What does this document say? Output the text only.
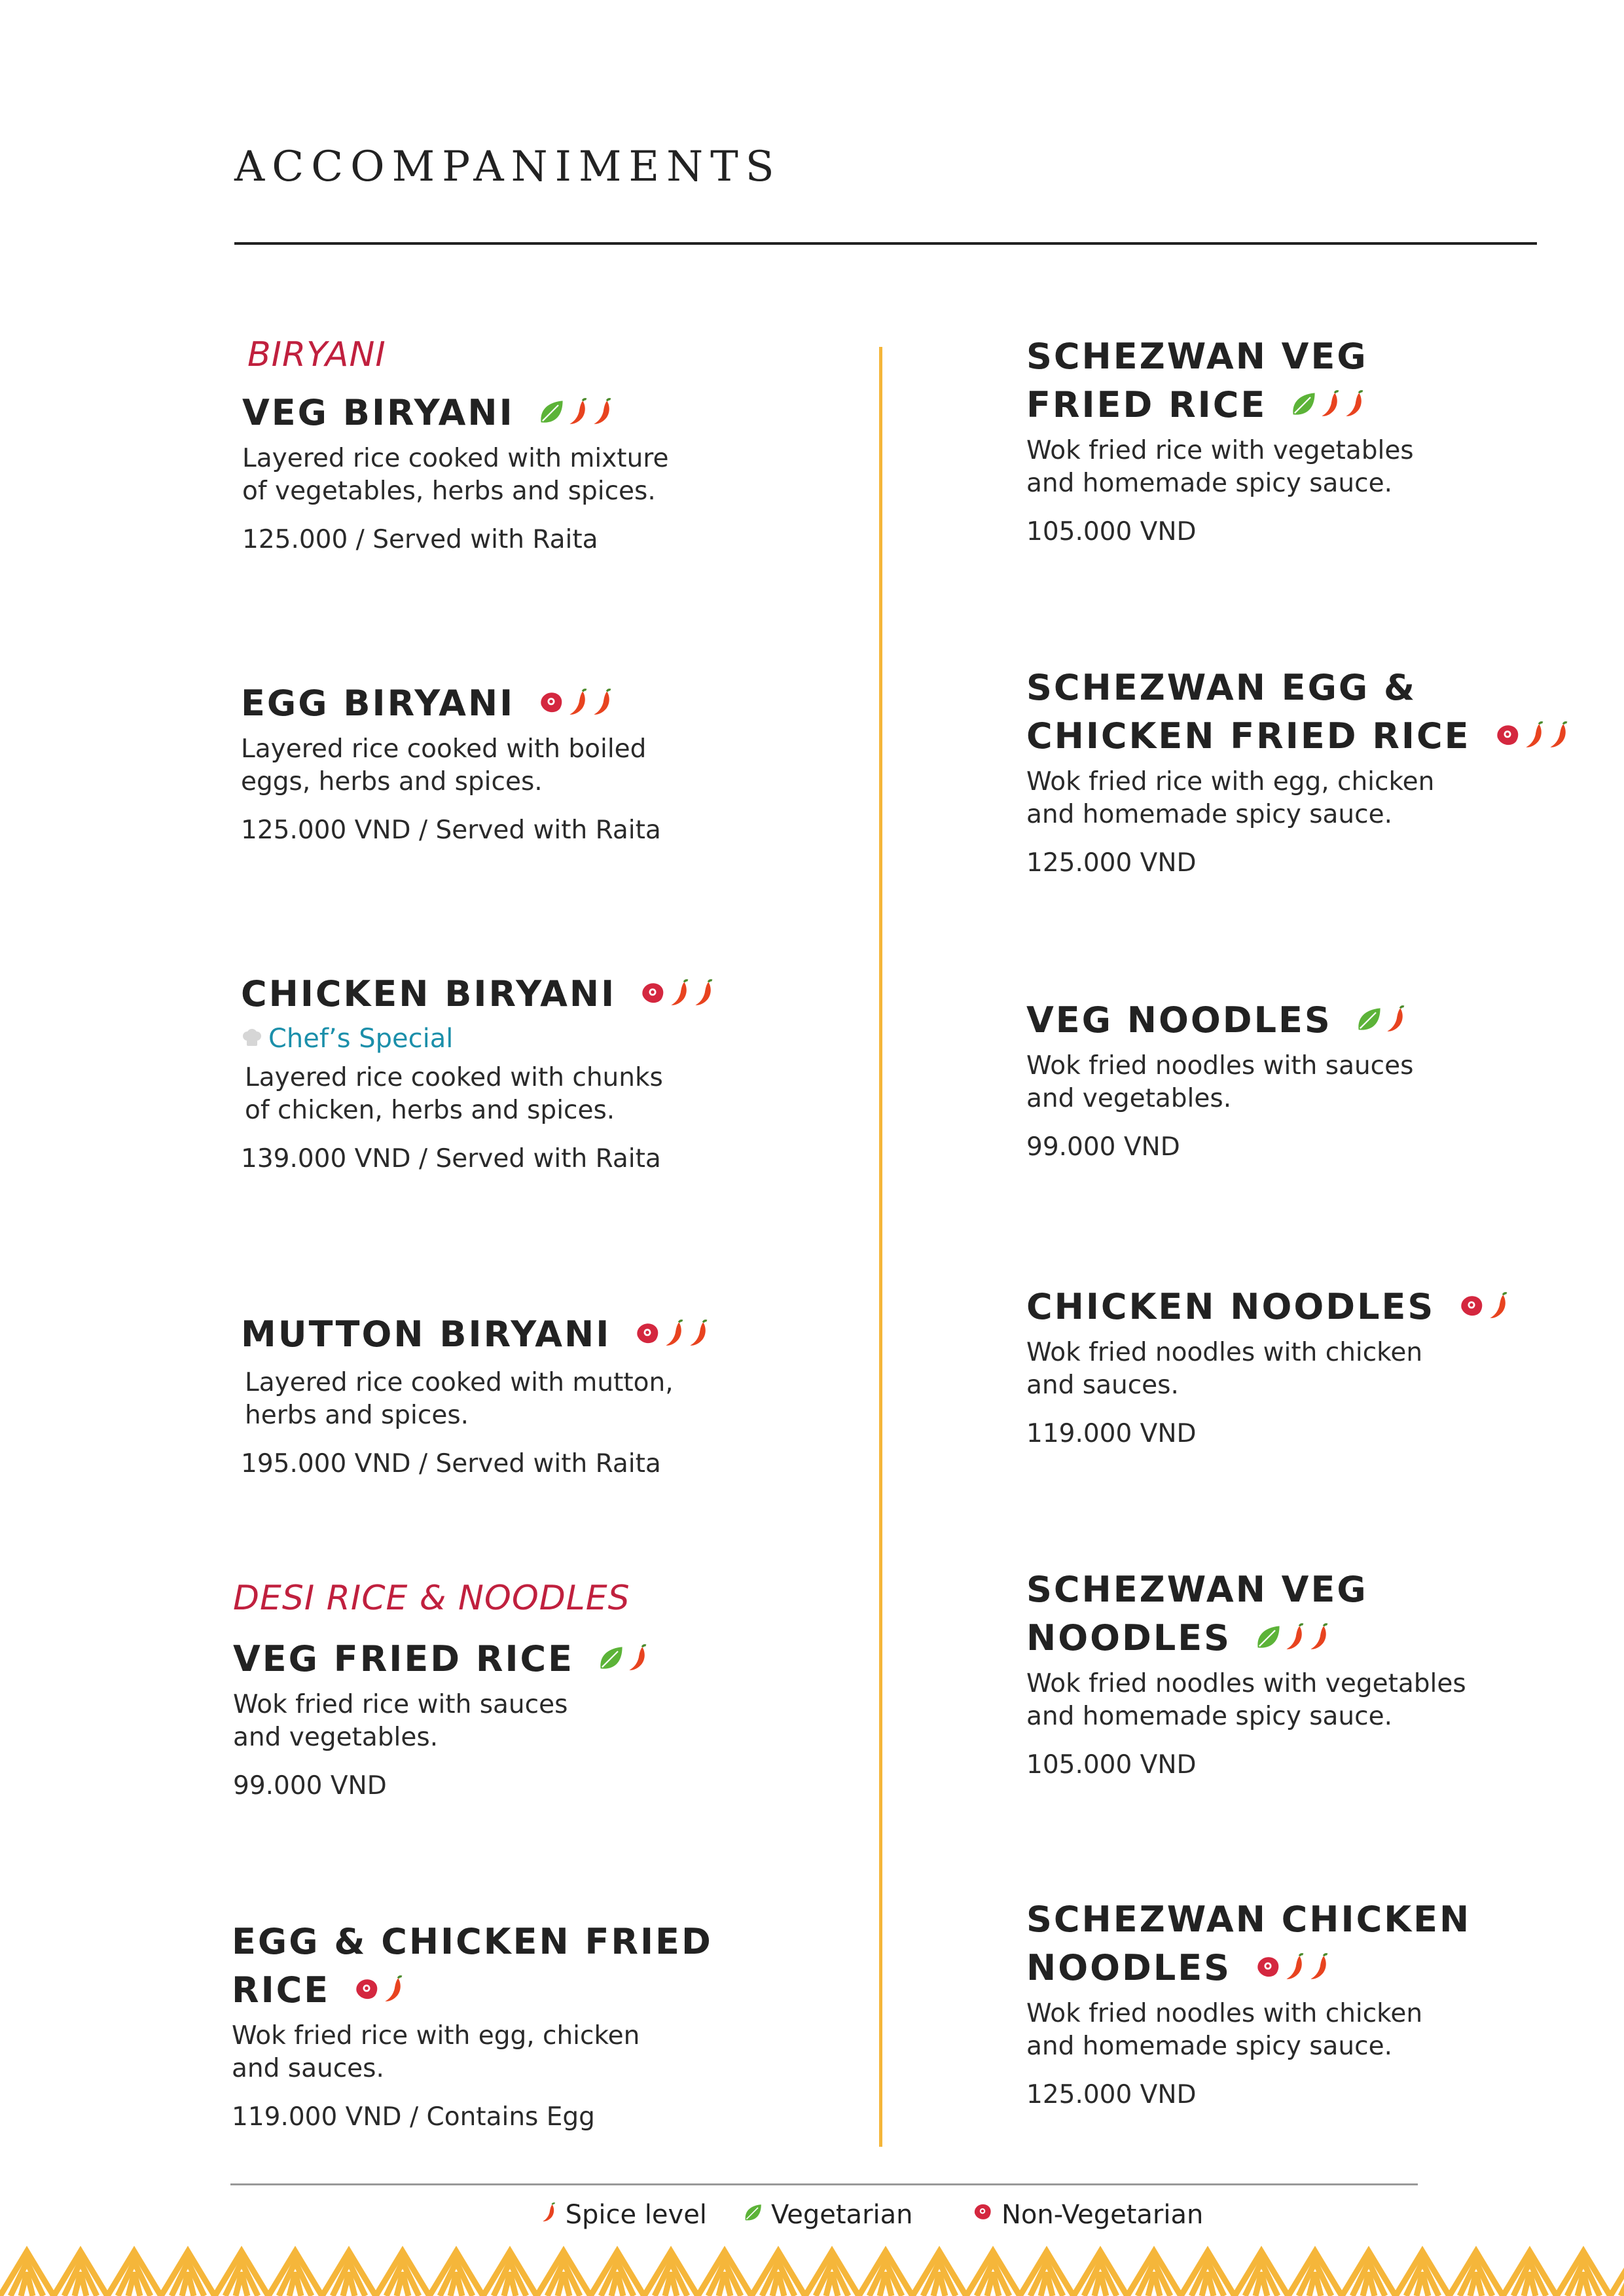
ACCOMPANIMENTS
BIRYANI
DESI RICE & NOODLES
VEG BIRYANI
Layered rice cooked with mixture
of vegetables, herbs and spices.
125.000 / Served with Raita
EGG BIRYANI
Layered rice cooked with boiled
eggs, herbs and spices.
125.000 VND / Served with Raita
CHICKEN BIRYANI
Chef’s Special
Layered rice cooked with chunks
of chicken, herbs and spices.
139.000 VND / Served with Raita
MUTTON BIRYANI
Layered rice cooked with mutton,
herbs and spices.
195.000 VND / Served with Raita
VEG FRIED RICE
Wok fried rice with sauces
and vegetables.
99.000 VND
EGG & CHICKEN FRIED
RICE
Wok fried rice with egg, chicken
and sauces.
119.000 VND / Contains Egg
SCHEZWAN VEG
FRIED RICE
Wok fried rice with vegetables
and homemade spicy sauce.
105.000 VND
SCHEZWAN EGG &
CHICKEN FRIED RICE
Wok fried rice with egg, chicken
and homemade spicy sauce.
125.000 VND
VEG NOODLES
Wok fried noodles with sauces
and vegetables.
99.000 VND
CHICKEN NOODLES
Wok fried noodles with chicken
and sauces.
119.000 VND
SCHEZWAN VEG
NOODLES
Wok fried noodles with vegetables
and homemade spicy sauce.
105.000 VND
SCHEZWAN CHICKEN
NOODLES
Wok fried noodles with chicken
and homemade spicy sauce.
125.000 VND
Spice level Vegetarian	Non-Vegetarian
